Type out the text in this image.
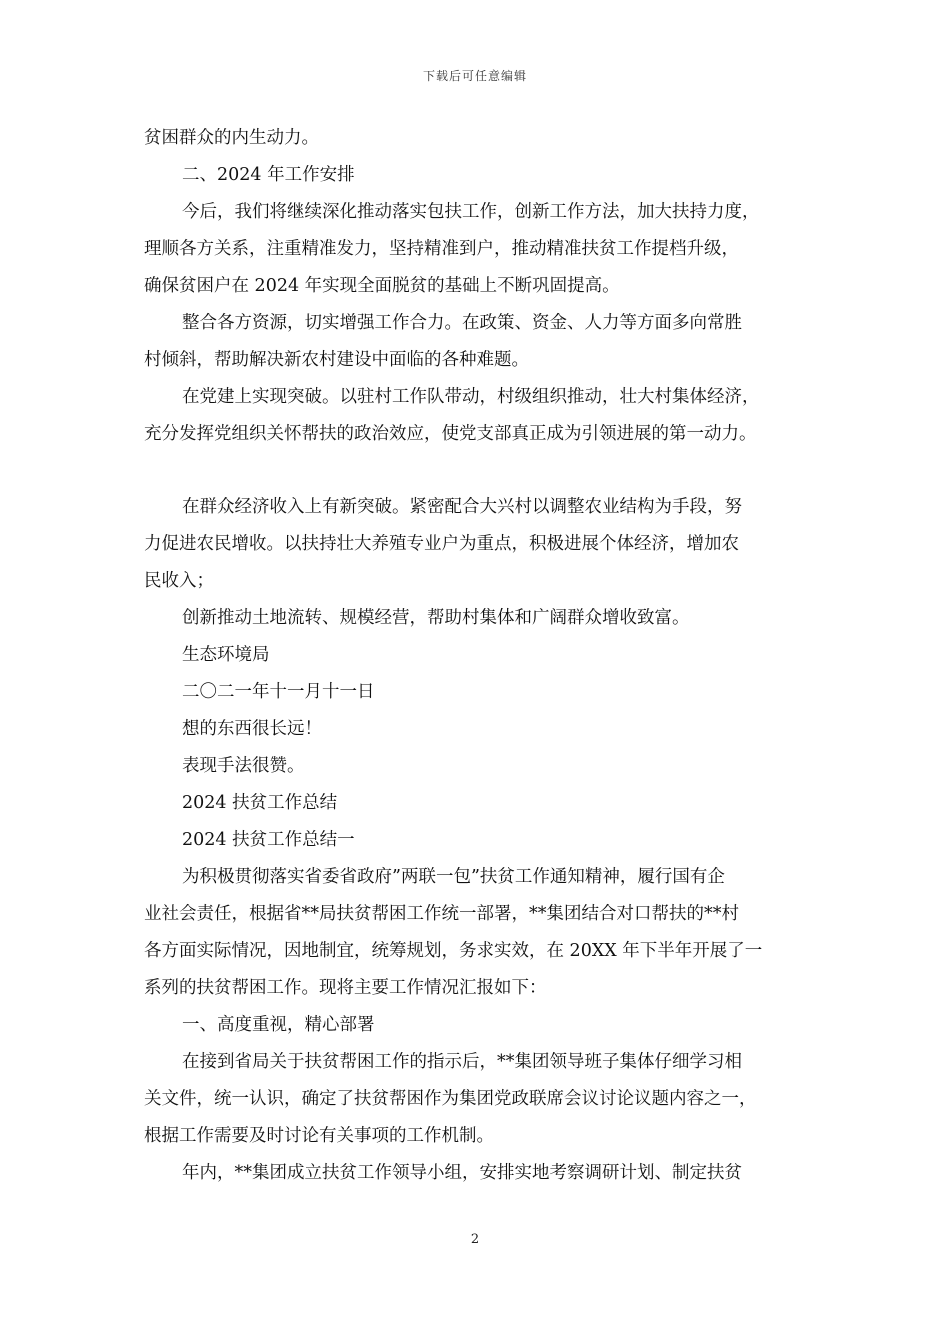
下载后可任意编辑
贫困群众的内生动力。
二、2024 年工作安排
今后，我们将继续深化推动落实包扶工作，创新工作方法，加大扶持力度，
理顺各方关系，注重精准发力，坚持精准到户，推动精准扶贫工作提档升级，
确保贫困户在 2024 年实现全面脱贫的基础上不断巩固提高。
整合各方资源，切实增强工作合力。在政策、资金、人力等方面多向常胜
村倾斜，帮助解决新农村建设中面临的各种难题。
在党建上实现突破。以驻村工作队带动，村级组织推动，壮大村集体经济，
充分发挥党组织关怀帮扶的政治效应，使党支部真正成为引领进展的第一动力。
在群众经济收入上有新突破。紧密配合大兴村以调整农业结构为手段，努
力促进农民增收。以扶持壮大养殖专业户为重点，积极进展个体经济，增加农
民收入；
创新推动土地流转、规模经营，帮助村集体和广阔群众增收致富。
生态环境局
二〇二一年十一月十一日
想的东西很长远！
表现手法很赞。
2024 扶贫工作总结
2024 扶贫工作总结一
为积极贯彻落实省委省政府”两联一包”扶贫工作通知精神，履行国有企
业社会责任，根据省**局扶贫帮困工作统一部署，**集团结合对口帮扶的**村
各方面实际情况，因地制宜，统筹规划，务求实效，在 20XX 年下半年开展了一
系列的扶贫帮困工作。现将主要工作情况汇报如下：
一、高度重视，精心部署
在接到省局关于扶贫帮困工作的指示后，**集团领导班子集体仔细学习相
关文件，统一认识，确定了扶贫帮困作为集团党政联席会议讨论议题内容之一，
根据工作需要及时讨论有关事项的工作机制。
年内，**集团成立扶贫工作领导小组，安排实地考察调研计划、制定扶贫
2
